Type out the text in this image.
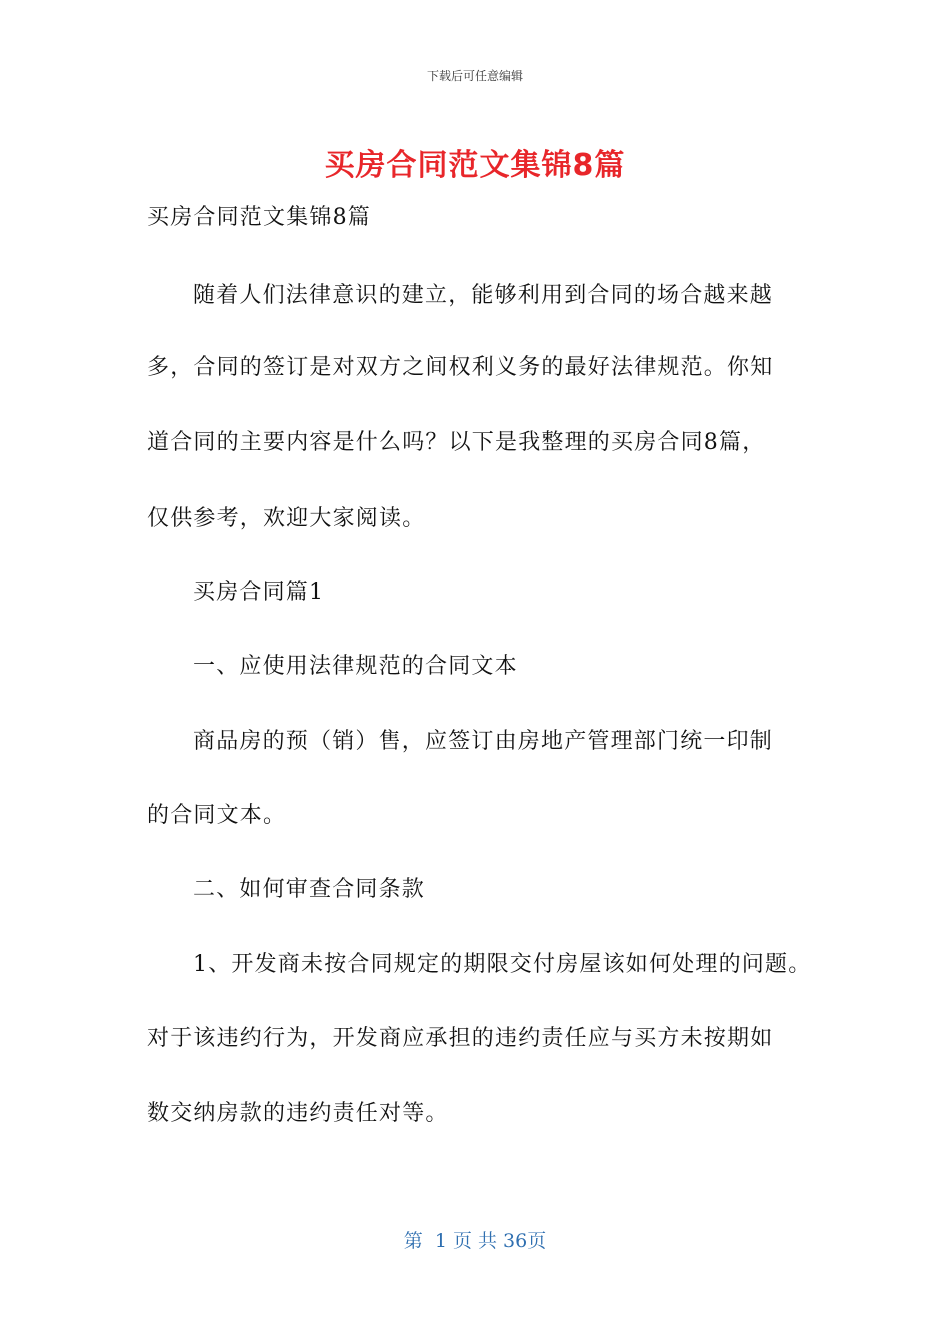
下载后可任意编辑
买房合同范文集锦8篇
买房合同范文集锦8篇
随着人们法律意识的建立，能够利用到合同的场合越来越
多，合同的签订是对双方之间权利义务的最好法律规范。你知
道合同的主要内容是什么吗？以下是我整理的买房合同8篇，
仅供参考，欢迎大家阅读。
买房合同篇1
一、应使用法律规范的合同文本
商品房的预（销）售，应签订由房地产管理部门统一印制
的合同文本。
二、如何审查合同条款
1、开发商未按合同规定的期限交付房屋该如何处理的问题。
对于该违约行为，开发商应承担的违约责任应与买方未按期如
数交纳房款的违约责任对等。
第  1 页 共 36页
